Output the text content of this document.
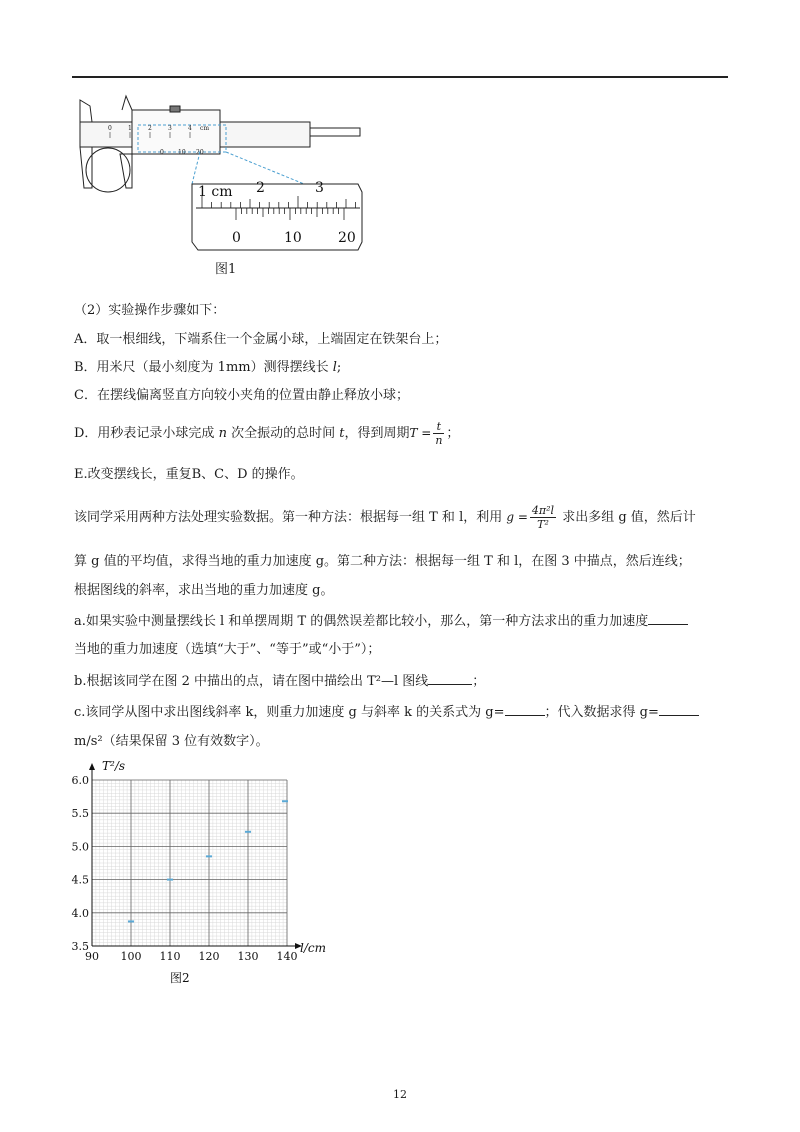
0	1	2	3	4 cm
0 10 20
1 cm 2	3
0	10	20
图1
（2）实验操作步骤如下：
A．取一根细线，下端系住一个金属小球，上端固定在铁架台上；
B．用米尺（最小刻度为 1mm）测得摆线长 l;
C．在摆线偏离竖直方向较小夹角的位置由静止释放小球；
D．用秒表记录小球完成 n 次全振动的总时间 t，得到周期$T = \frac{t}{n}$ ；
E.改变摆线长，重复B、C、D 的操作。
该同学采用两种方法处理实验数据。第一种方法：根据每一组 T 和 l，利用 $g = \frac{\text{4π²l}}{\text{T²}}$ 求出多组 g 值，然后计
算 g 值的平均值，求得当地的重力加速度 g。第二种方法：根据每一组 T 和 l，在图 3 中描点，然后连线；
根据图线的斜率，求出当地的重力加速度 g。
a.如果实验中测量摆线长 l 和单摆周期 T 的偶然误差都比较小，那么，第一种方法求出的重力加速度
当地的重力加速度（选填“大于”、“等于”或“小于”）；
b.根据该同学在图 2 中描出的点，请在图中描绘出 T²—l 图线	；
c.该同学从图中求出图线斜率 k，则重力加速度 g 与斜率 k 的关系式为 g=	；代入数据求得 g=
m/s²（结果保留 3 位有效数字）。
3.5
4.0
4.5
5.0
5.5
6.0
90 100 110 120 130 140
T²/s
l/cm
图2
12
